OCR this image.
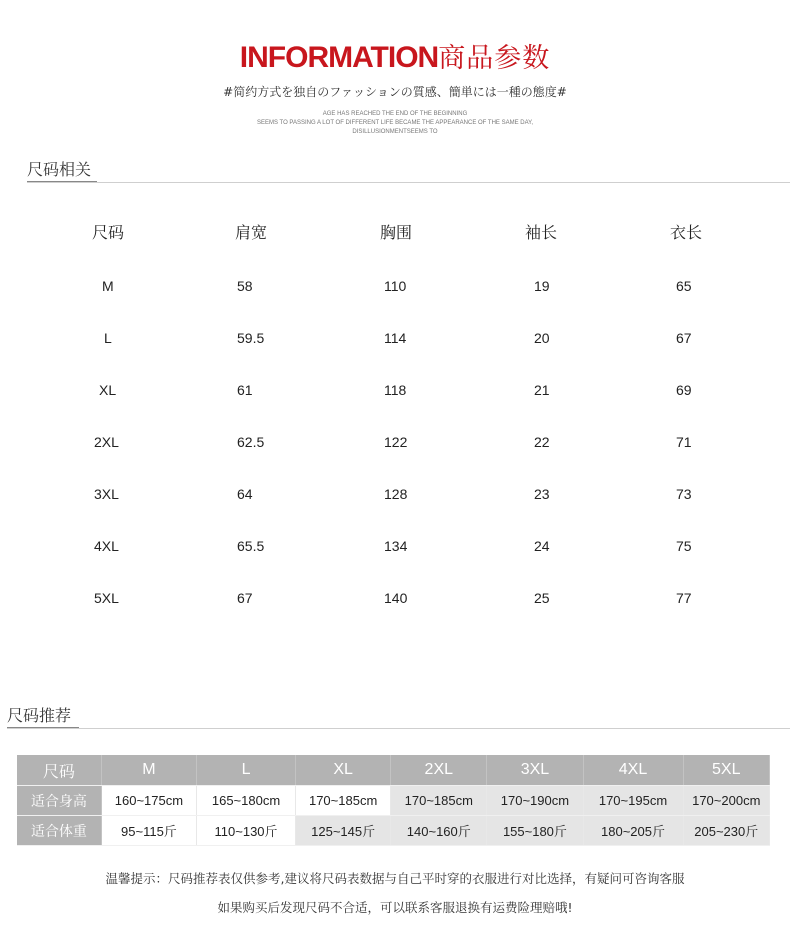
INFORMATION商品参数
#简约方式を独自のファッションの質感、簡単には一種の態度#
AGE HAS REACHED THE END OF THE BEGINNING
SEEMS TO PASSING A LOT OF DIFFERENT LIFE BECAME THE APPEARANCE OF THE SAME DAY,
DISILLUSIONMENTSEEMS TO
尺码相关
尺码	肩宽	胸围	袖长	衣长
M	58	110	19	65
L	59.5	114	20	67
XL	61	118	21	69
2XL	62.5	122	22	71
3XL	64	128	23	73
4XL	65.5	134	24	75
5XL	67	140	25	77
尺码推荐
尺码	M	L	XL	2XL	3XL	4XL	5XL
适合身高	160~175cm	165~180cm	170~185cm	170~185cm	170~190cm	170~195cm	170~200cm
适合体重	95~115斤	110~130斤	125~145斤	140~160斤	155~180斤	180~205斤	205~230斤
温馨提示：尺码推荐表仅供参考,建议将尺码表数据与自己平时穿的衣服进行对比选择，有疑问可咨询客服
如果购买后发现尺码不合适，可以联系客服退换有运费险理赔哦!
